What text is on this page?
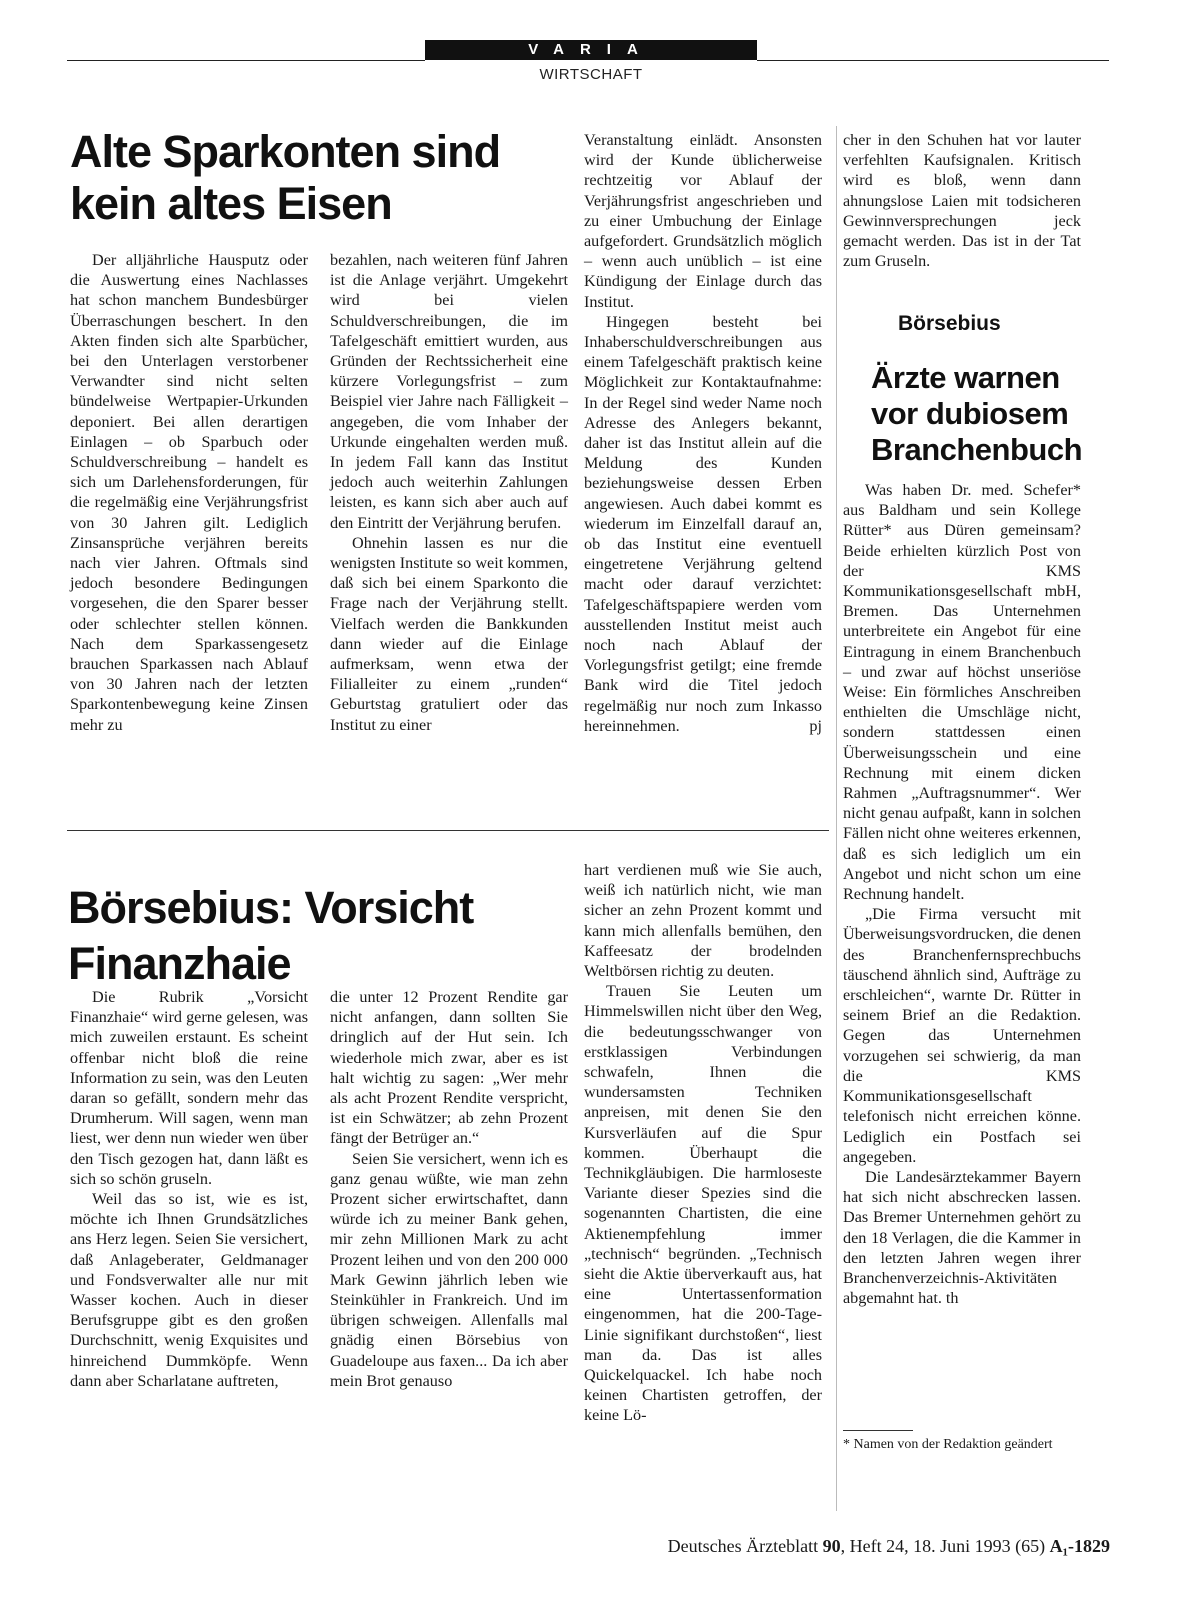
VARIA
WIRTSCHAFT
Alte Sparkonten sind kein altes Eisen

Der alljährliche Hausputz oder die Auswertung eines Nachlasses hat schon manchem Bundesbürger Überraschungen beschert. In den Akten finden sich alte Sparbücher, bei den Unterlagen verstorbener Verwandter sind nicht selten bündelweise Wertpapier-Urkunden deponiert. Bei allen derartigen Einlagen – ob Sparbuch oder Schuldverschreibung – handelt es sich um Darlehensforderungen, für die regelmäßig eine Verjährungsfrist von 30 Jahren gilt. Lediglich Zinsansprüche verjähren bereits nach vier Jahren. Oftmals sind jedoch besondere Bedingungen vorgesehen, die den Sparer besser oder schlechter stellen können. Nach dem Sparkassengesetz brauchen Sparkassen nach Ablauf von 30 Jahren nach der letzten Sparkontenbewegung keine Zinsen mehr zu

bezahlen, nach weiteren fünf Jahren ist die Anlage verjährt. Umgekehrt wird bei vielen Schuldverschreibungen, die im Tafelgeschäft emittiert wurden, aus Gründen der Rechtssicherheit eine kürzere Vorlegungsfrist – zum Beispiel vier Jahre nach Fälligkeit – angegeben, die vom Inhaber der Urkunde eingehalten werden muß. In jedem Fall kann das Institut jedoch auch weiterhin Zahlungen leisten, es kann sich aber auch auf den Eintritt der Verjährung berufen.

Ohnehin lassen es nur die wenigsten Institute so weit kommen, daß sich bei einem Sparkonto die Frage nach der Verjährung stellt. Vielfach werden die Bankkunden dann wieder auf die Einlage aufmerksam, wenn etwa der Filialleiter zu einem „runden“ Geburtstag gratuliert oder das Institut zu einer

Veranstaltung einlädt. Ansonsten wird der Kunde üblicherweise rechtzeitig vor Ablauf der Verjährungsfrist angeschrieben und zu einer Umbuchung der Einlage aufgefordert. Grundsätzlich möglich – wenn auch unüblich – ist eine Kündigung der Einlage durch das Institut.

Hingegen besteht bei Inhaberschuldverschreibungen aus einem Tafelgeschäft praktisch keine Möglichkeit zur Kontaktaufnahme: In der Regel sind weder Name noch Adresse des Anlegers bekannt, daher ist das Institut allein auf die Meldung des Kunden beziehungsweise dessen Erben angewiesen. Auch dabei kommt es wiederum im Einzelfall darauf an, ob das Institut eine eventuell eingetretene Verjährung geltend macht oder darauf verzichtet: Tafelgeschäftspapiere werden vom ausstellenden Institut meist auch noch nach Ablauf der Vorlegungsfrist getilgt; eine fremde Bank wird die Titel jedoch regelmäßig nur noch zum Inkasso hereinnehmen.	pj

cher in den Schuhen hat vor lauter verfehlten Kaufsignalen. Kritisch wird es bloß, wenn dann ahnungslose Laien mit todsicheren Gewinnversprechungen jeck gemacht werden. Das ist in der Tat zum Gruseln.

Börsebius
Ärzte warnen vor dubiosem Branchenbuch

Was haben Dr. med. Schefer* aus Baldham und sein Kollege Rütter* aus Düren gemeinsam? Beide erhielten kürzlich Post von der KMS Kommunikationsgesellschaft mbH, Bremen. Das Unternehmen unterbreitete ein Angebot für eine Eintragung in einem Branchenbuch – und zwar auf höchst unseriöse Weise: Ein förmliches Anschreiben enthielten die Umschläge nicht, sondern stattdessen einen Überweisungsschein und eine Rechnung mit einem dicken Rahmen „Auftragsnummer“. Wer nicht genau aufpaßt, kann in solchen Fällen nicht ohne weiteres erkennen, daß es sich lediglich um ein Angebot und nicht schon um eine Rechnung handelt.

„Die Firma versucht mit Überweisungsvordrucken, die denen des Branchenfernsprechbuchs täuschend ähnlich sind, Aufträge zu erschleichen“, warnte Dr. Rütter in seinem Brief an die Redaktion. Gegen das Unternehmen vorzugehen sei schwierig, da man die KMS Kommunikationsgesellschaft telefonisch nicht erreichen könne. Lediglich ein Postfach sei angegeben.

Die Landesärztekammer Bayern hat sich nicht abschrecken lassen. Das Bremer Unternehmen gehört zu den 18 Verlagen, die die Kammer in den letzten Jahren wegen ihrer Branchenverzeichnis-Aktivitäten abgemahnt hat. th

* Namen von der Redaktion geändert
Börsebius: Vorsicht Finanzhaie

Die Rubrik „Vorsicht Finanzhaie“ wird gerne gelesen, was mich zuweilen erstaunt. Es scheint offenbar nicht bloß die reine Information zu sein, was den Leuten daran so gefällt, sondern mehr das Drumherum. Will sagen, wenn man liest, wer denn nun wieder wen über den Tisch gezogen hat, dann läßt es sich so schön gruseln.

Weil das so ist, wie es ist, möchte ich Ihnen Grundsätzliches ans Herz legen. Seien Sie versichert, daß Anlageberater, Geldmanager und Fondsverwalter alle nur mit Wasser kochen. Auch in dieser Berufsgruppe gibt es den großen Durchschnitt, wenig Exquisites und hinreichend Dummköpfe. Wenn dann aber Scharlatane auftreten,

die unter 12 Prozent Rendite gar nicht anfangen, dann sollten Sie dringlich auf der Hut sein. Ich wiederhole mich zwar, aber es ist halt wichtig zu sagen: „Wer mehr als acht Prozent Rendite verspricht, ist ein Schwätzer; ab zehn Prozent fängt der Betrüger an.“

Seien Sie versichert, wenn ich es ganz genau wüßte, wie man zehn Prozent sicher erwirtschaftet, dann würde ich zu meiner Bank gehen, mir zehn Millionen Mark zu acht Prozent leihen und von den 200 000 Mark Gewinn jährlich leben wie Steinkühler in Frankreich. Und im übrigen schweigen. Allenfalls mal gnädig einen Börsebius von Guadeloupe aus faxen... Da ich aber mein Brot genauso

hart verdienen muß wie Sie auch, weiß ich natürlich nicht, wie man sicher an zehn Prozent kommt und kann mich allenfalls bemühen, den Kaffeesatz der brodelnden Weltbörsen richtig zu deuten.

Trauen Sie Leuten um Himmelswillen nicht über den Weg, die bedeutungsschwanger von erstklassigen Verbindungen schwafeln, Ihnen die wundersamsten Techniken anpreisen, mit denen Sie den Kursverläufen auf die Spur kommen. Überhaupt die Technikgläubigen. Die harmloseste Variante dieser Spezies sind die sogenannten Chartisten, die eine Aktienempfehlung immer „technisch“ begründen. „Technisch sieht die Aktie überverkauft aus, hat eine Untertassenformation eingenommen, hat die 200-Tage-Linie signifikant durchstoßen“, liest man da. Das ist alles Quickelquackel. Ich habe noch keinen Chartisten getroffen, der keine Lö-

Deutsches Ärzteblatt 90, Heft 24, 18. Juni 1993 (65) A₁-1829
